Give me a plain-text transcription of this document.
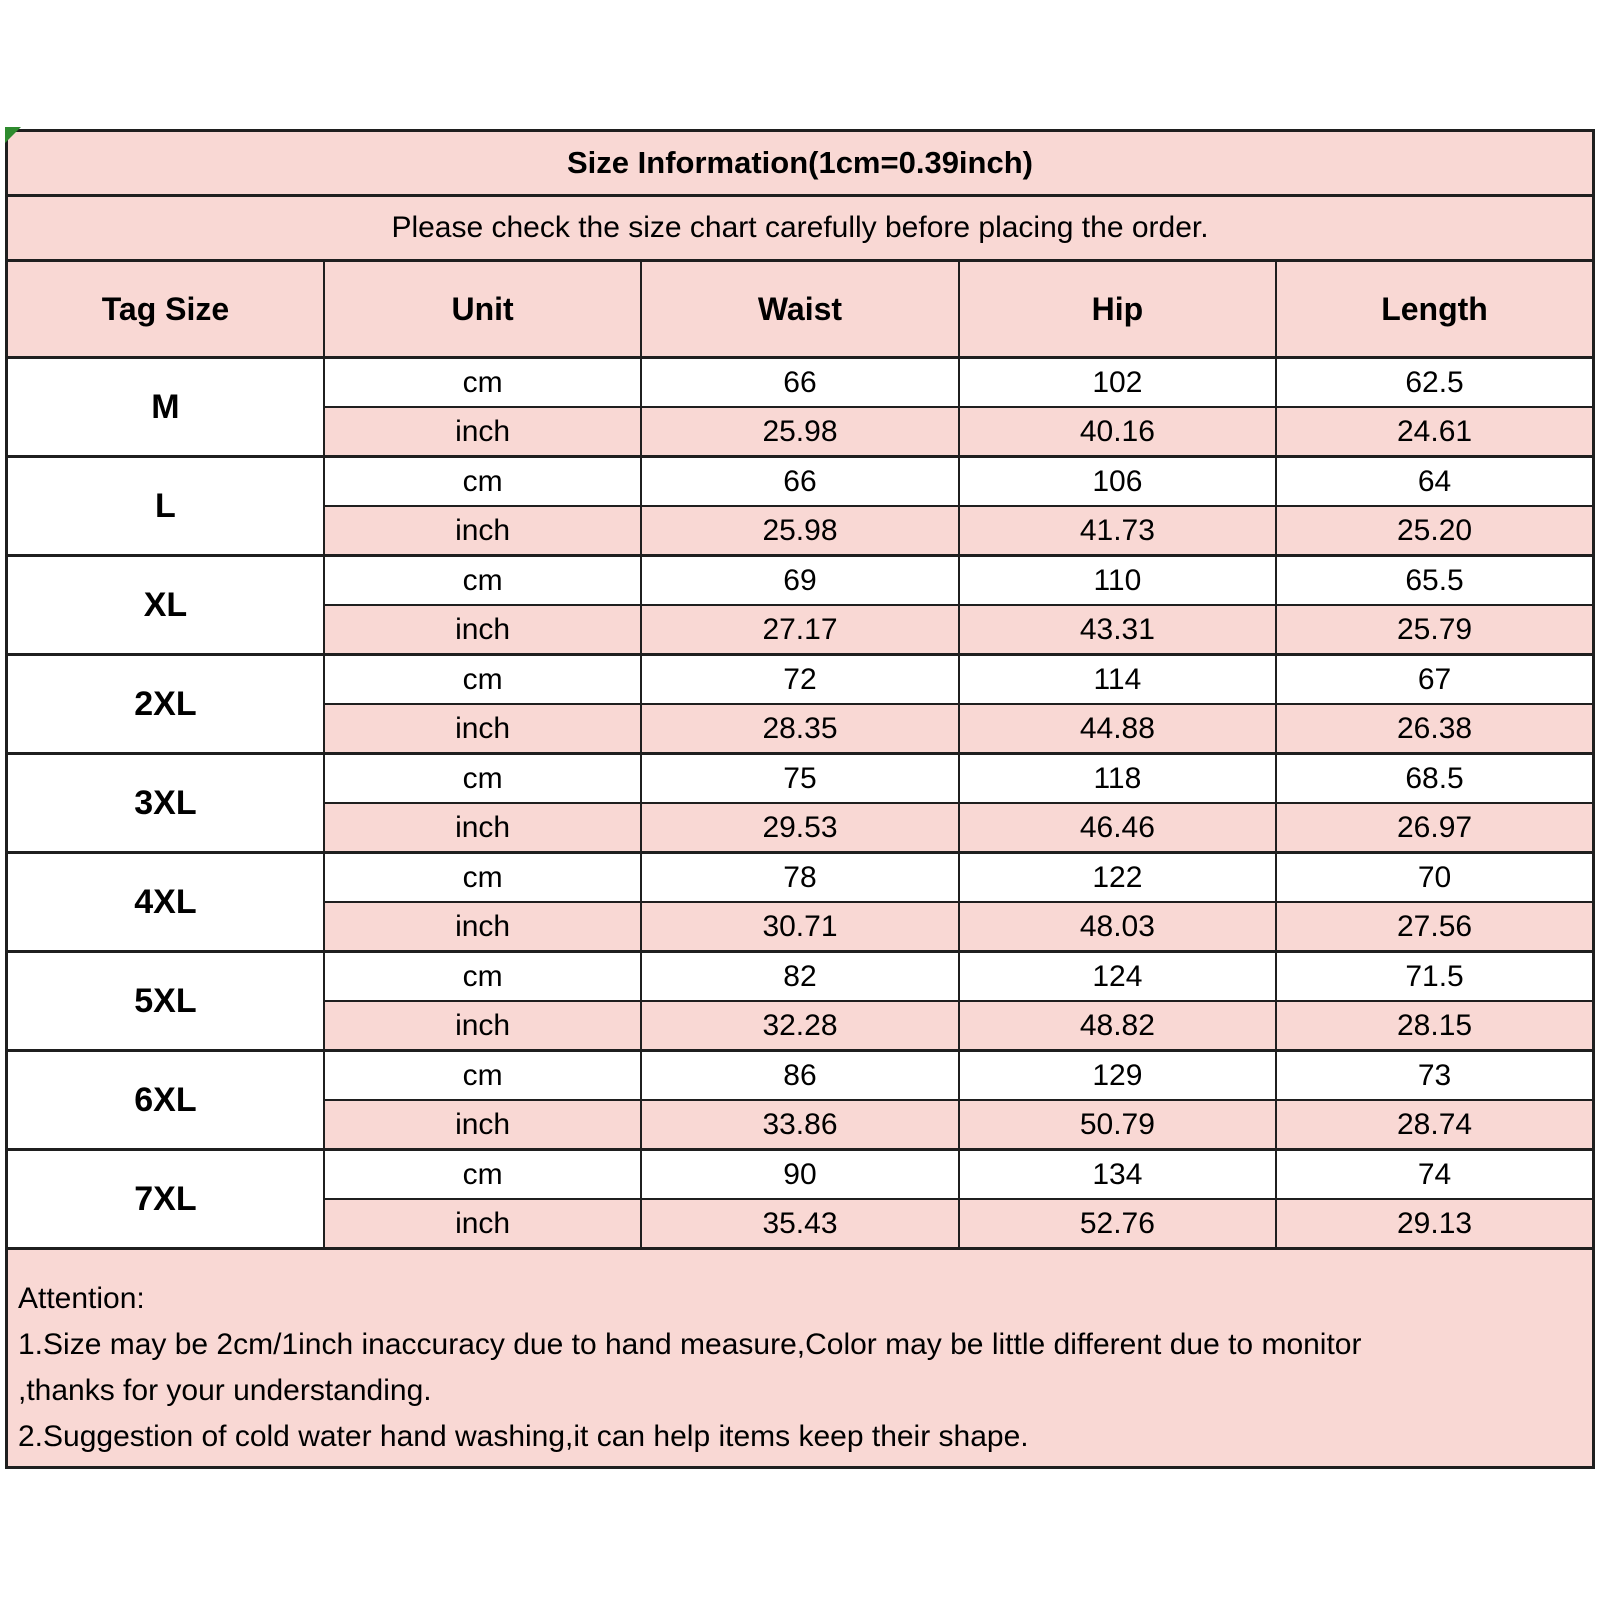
Size Information(1cm=0.39inch)				
Please check the size chart carefully before placing the order.				
Tag Size	Unit	Waist	Hip	Length
M	cm	66	102	62.5
	inch	25.98	40.16	24.61
L	cm	66	106	64
	inch	25.98	41.73	25.20
XL	cm	69	110	65.5
	inch	27.17	43.31	25.79
2XL	cm	72	114	67
	inch	28.35	44.88	26.38
3XL	cm	75	118	68.5
	inch	29.53	46.46	26.97
4XL	cm	78	122	70
	inch	30.71	48.03	27.56
5XL	cm	82	124	71.5
	inch	32.28	48.82	28.15
6XL	cm	86	129	73
	inch	33.86	50.79	28.74
7XL	cm	90	134	74
	inch	35.43	52.76	29.13
Attention:
1.Size may be 2cm/1inch inaccuracy due to hand measure,Color may be little different due to monitor
,thanks for your understanding.
2.Suggestion of cold water hand washing,it can help items keep their shape.
